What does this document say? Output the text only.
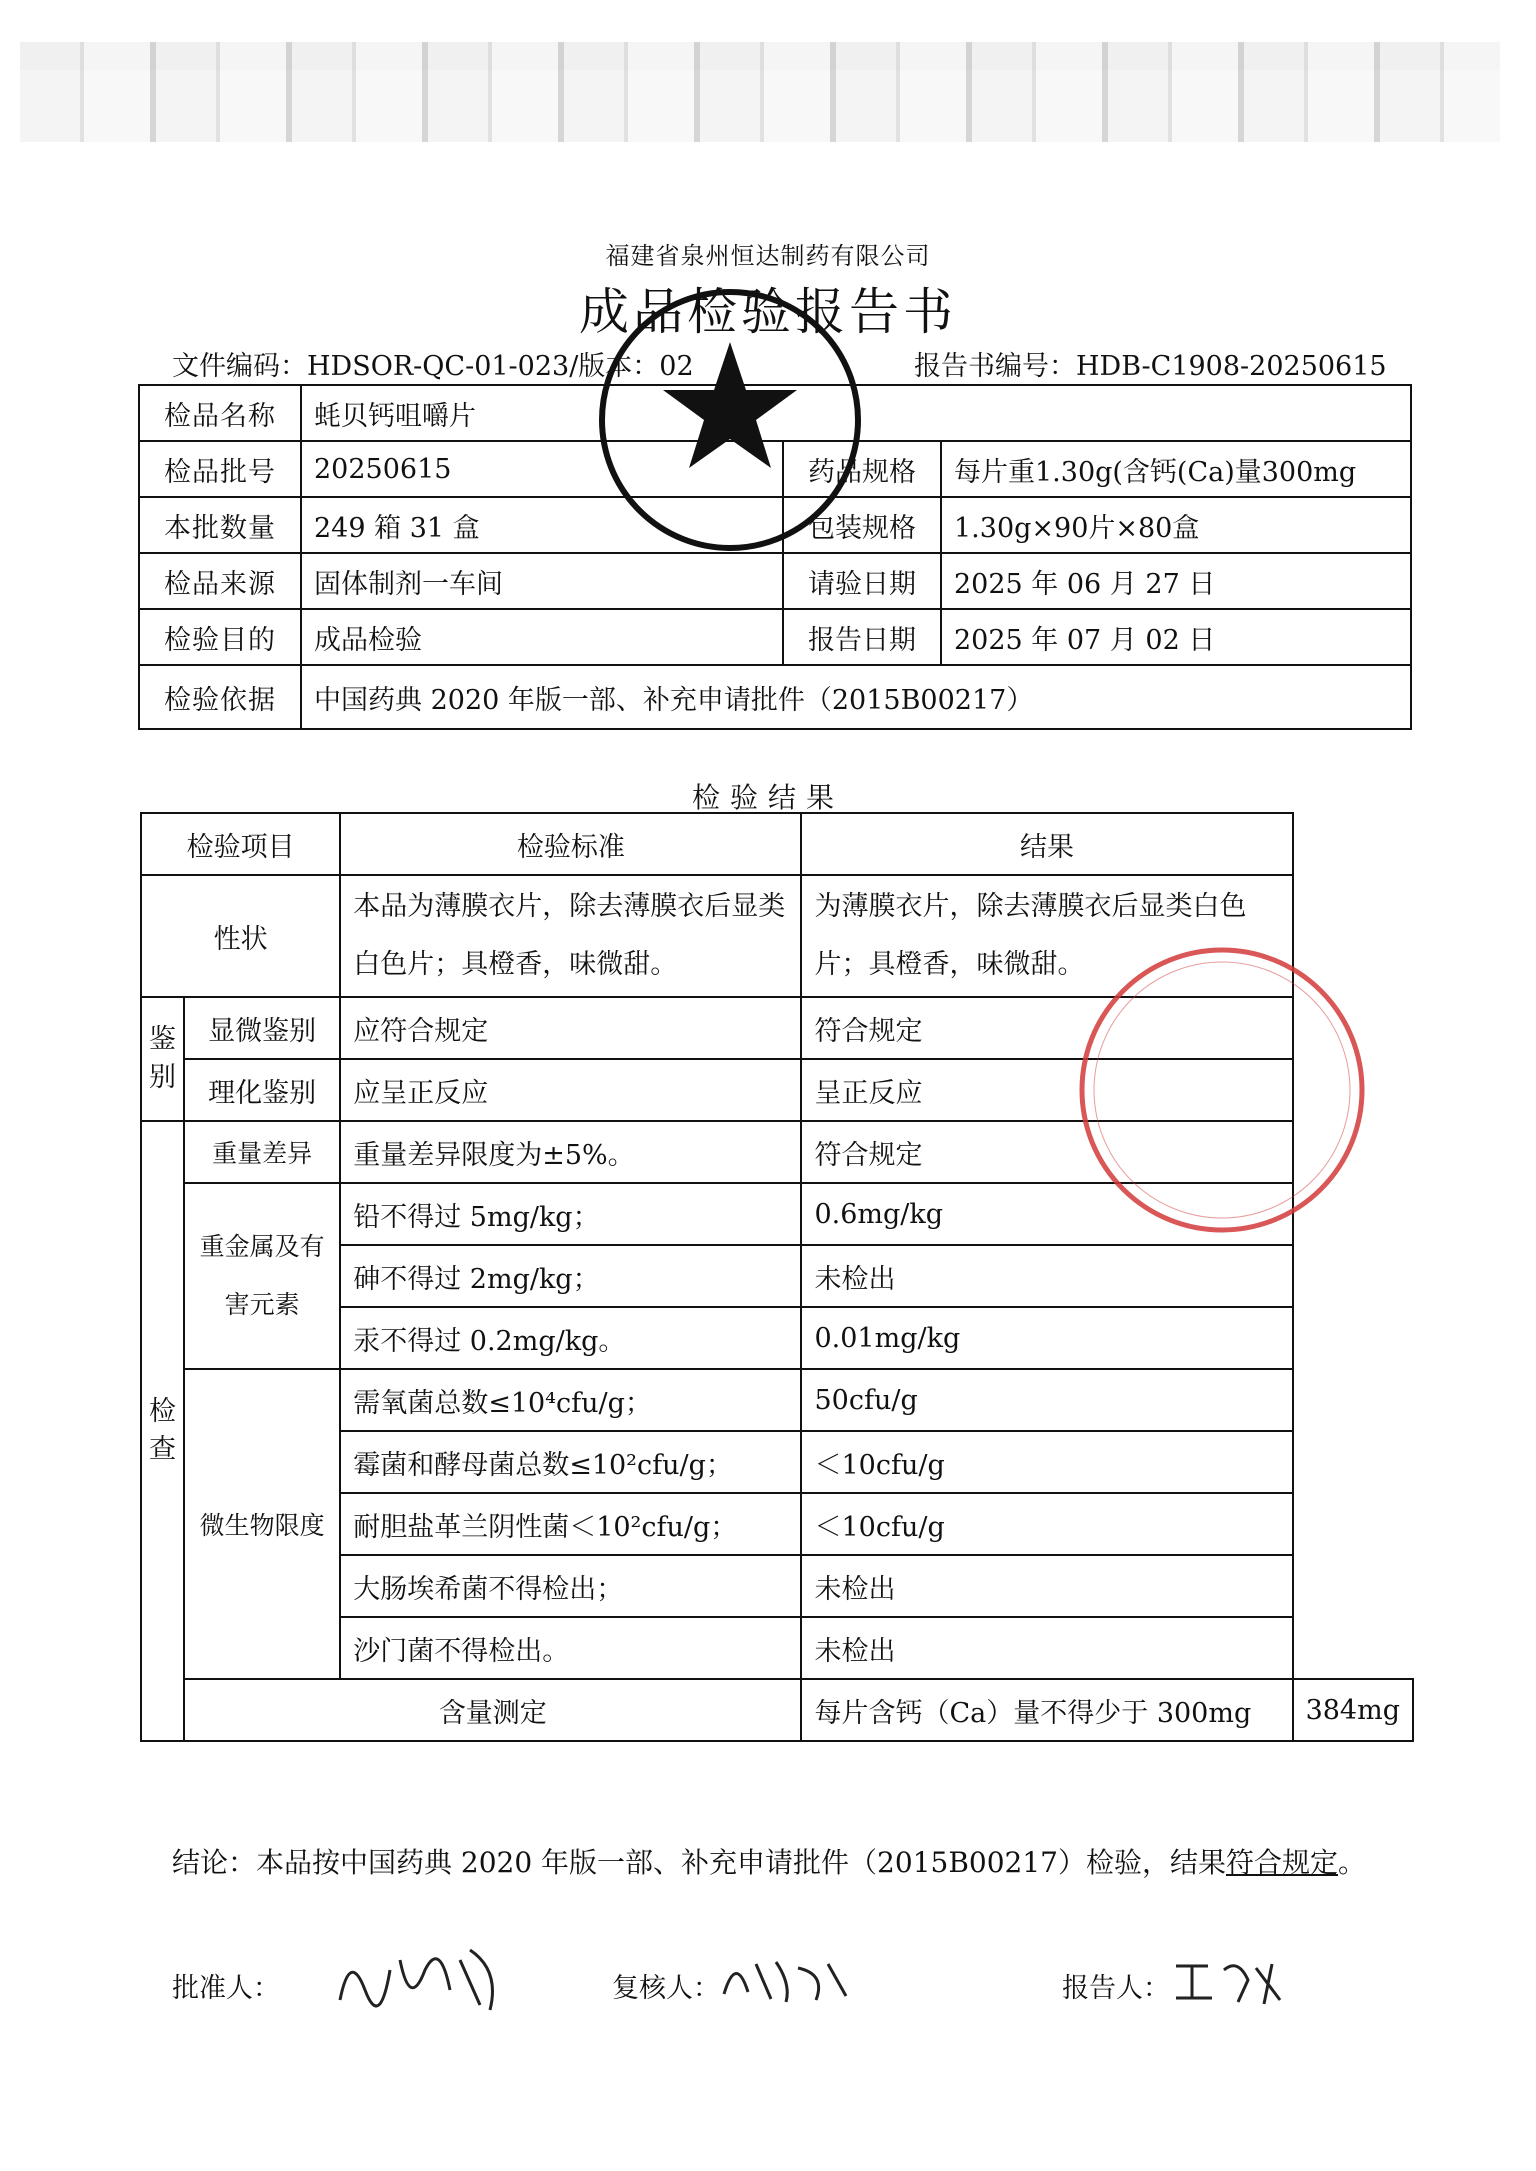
福建省泉州恒达制药有限公司
成品检验报告书
文件编码：HDSOR-QC-01-023/版本：02	报告书编号：HDB-C1908-20250615
检品名称	蚝贝钙咀嚼片		
检品批号	20250615	药品规格	每片重1.30g(含钙(Ca)量300mg
本批数量	249 箱 31 盒	包装规格	1.30g×90片×80盒
检品来源	固体制剂一车间	请验日期	2025 年 06 月 27 日
检验目的	成品检验	报告日期	2025 年 07 月 02 日
检验依据	中国药典 2020 年版一部、补充申请批件（2015B00217）		
检验结果
检验项目		检验标准	结果	
性状		本品为薄膜衣片，除去薄膜衣后显类白色片；具橙香，味微甜。	为薄膜衣片，除去薄膜衣后显类白色片；具橙香，味微甜。	
鉴别	显微鉴别	应符合规定	符合规定	
	理化鉴别	应呈正反应	呈正反应	
检查	重量差异	重量差异限度为±5%。	符合规定	
	重金属及有害元素	铅不得过 5mg/kg；	0.6mg/kg	
		砷不得过 2mg/kg；	未检出	
		汞不得过 0.2mg/kg。	0.01mg/kg	
	微生物限度	需氧菌总数≤10⁴cfu/g；	50cfu/g	
		霉菌和酵母菌总数≤10²cfu/g；	＜10cfu/g	
		耐胆盐革兰阴性菌＜10²cfu/g；	＜10cfu/g	
		大肠埃希菌不得检出；	未检出	
		沙门菌不得检出。	未检出	
	含量测定		每片含钙（Ca）量不得少于 300mg	384mg
结论：本品按中国药典 2020 年版一部、补充申请批件（2015B00217）检验，结果符合规定。
批准人：	复核人：	报告人：
